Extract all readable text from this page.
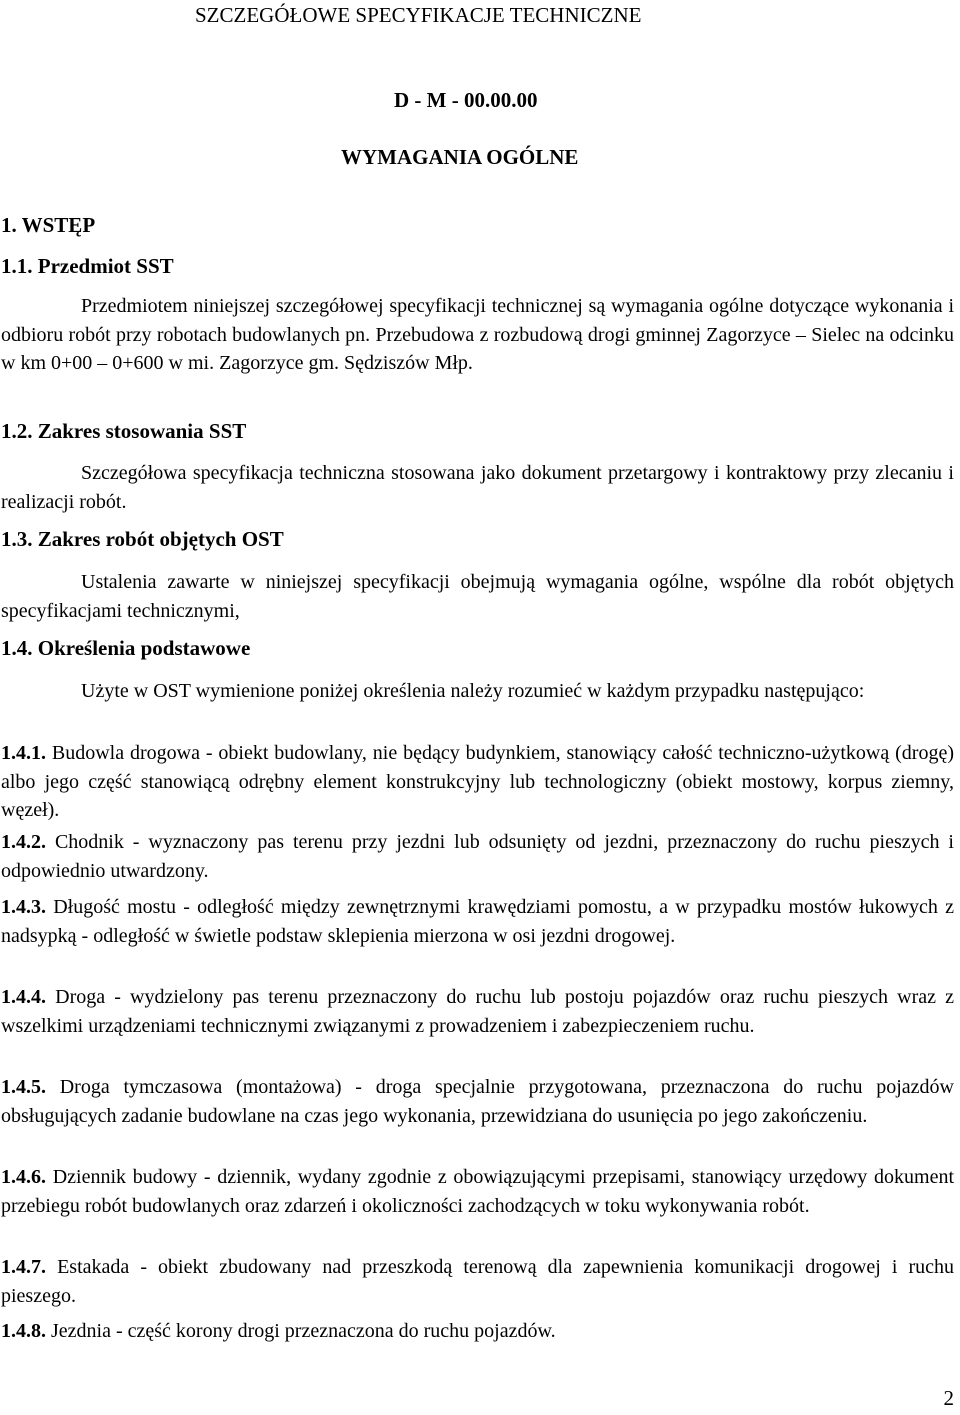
SZCZEGÓŁOWE SPECYFIKACJE TECHNICZNE
D - M - 00.00.00
WYMAGANIA OGÓLNE
1. WSTĘP
1.1. Przedmiot SST
Przedmiotem niniejszej szczegółowej specyfikacji technicznej są wymagania ogólne dotyczące wykonania i odbioru robót przy robotach budowlanych pn. Przebudowa z rozbudową drogi gminnej Zagorzyce – Sielec na odcinku w km 0+00 – 0+600 w mi. Zagorzyce gm. Sędziszów Młp.
1.2. Zakres stosowania SST
Szczegółowa specyfikacja techniczna stosowana jako dokument przetargowy i kontraktowy przy zlecaniu i realizacji robót.
1.3. Zakres robót objętych OST
Ustalenia zawarte w niniejszej specyfikacji obejmują wymagania ogólne, wspólne dla robót objętych specyfikacjami technicznymi,
1.4. Określenia podstawowe
Użyte w OST wymienione poniżej określenia należy rozumieć w każdym przypadku następująco:
1.4.1. Budowla drogowa - obiekt budowlany, nie będący budynkiem, stanowiący całość techniczno-użytkową (drogę) albo jego część stanowiącą odrębny element konstrukcyjny lub technologiczny (obiekt mostowy, korpus ziemny, węzeł).
1.4.2. Chodnik - wyznaczony pas terenu przy jezdni lub odsunięty od jezdni, przeznaczony do ruchu pieszych i odpowiednio utwardzony.
1.4.3. Długość mostu - odległość między zewnętrznymi krawędziami pomostu, a w przypadku mostów łukowych z nadsypką - odległość w świetle podstaw sklepienia mierzona w osi jezdni drogowej.
1.4.4. Droga - wydzielony pas terenu przeznaczony do ruchu lub postoju pojazdów oraz ruchu pieszych wraz z wszelkimi urządzeniami technicznymi związanymi z prowadzeniem i zabezpieczeniem ruchu.
1.4.5. Droga tymczasowa (montażowa) - droga specjalnie przygotowana, przeznaczona do ruchu pojazdów obsługujących zadanie budowlane na czas jego wykonania, przewidziana do usunięcia po jego zakończeniu.
1.4.6. Dziennik budowy - dziennik, wydany zgodnie z obowiązującymi przepisami, stanowiący urzędowy dokument przebiegu robót budowlanych oraz zdarzeń i okoliczności zachodzących w toku wykonywania robót.
1.4.7. Estakada - obiekt zbudowany nad przeszkodą terenową dla zapewnienia komunikacji drogowej i ruchu pieszego.
1.4.8. Jezdnia - część korony drogi przeznaczona do ruchu pojazdów.
2
